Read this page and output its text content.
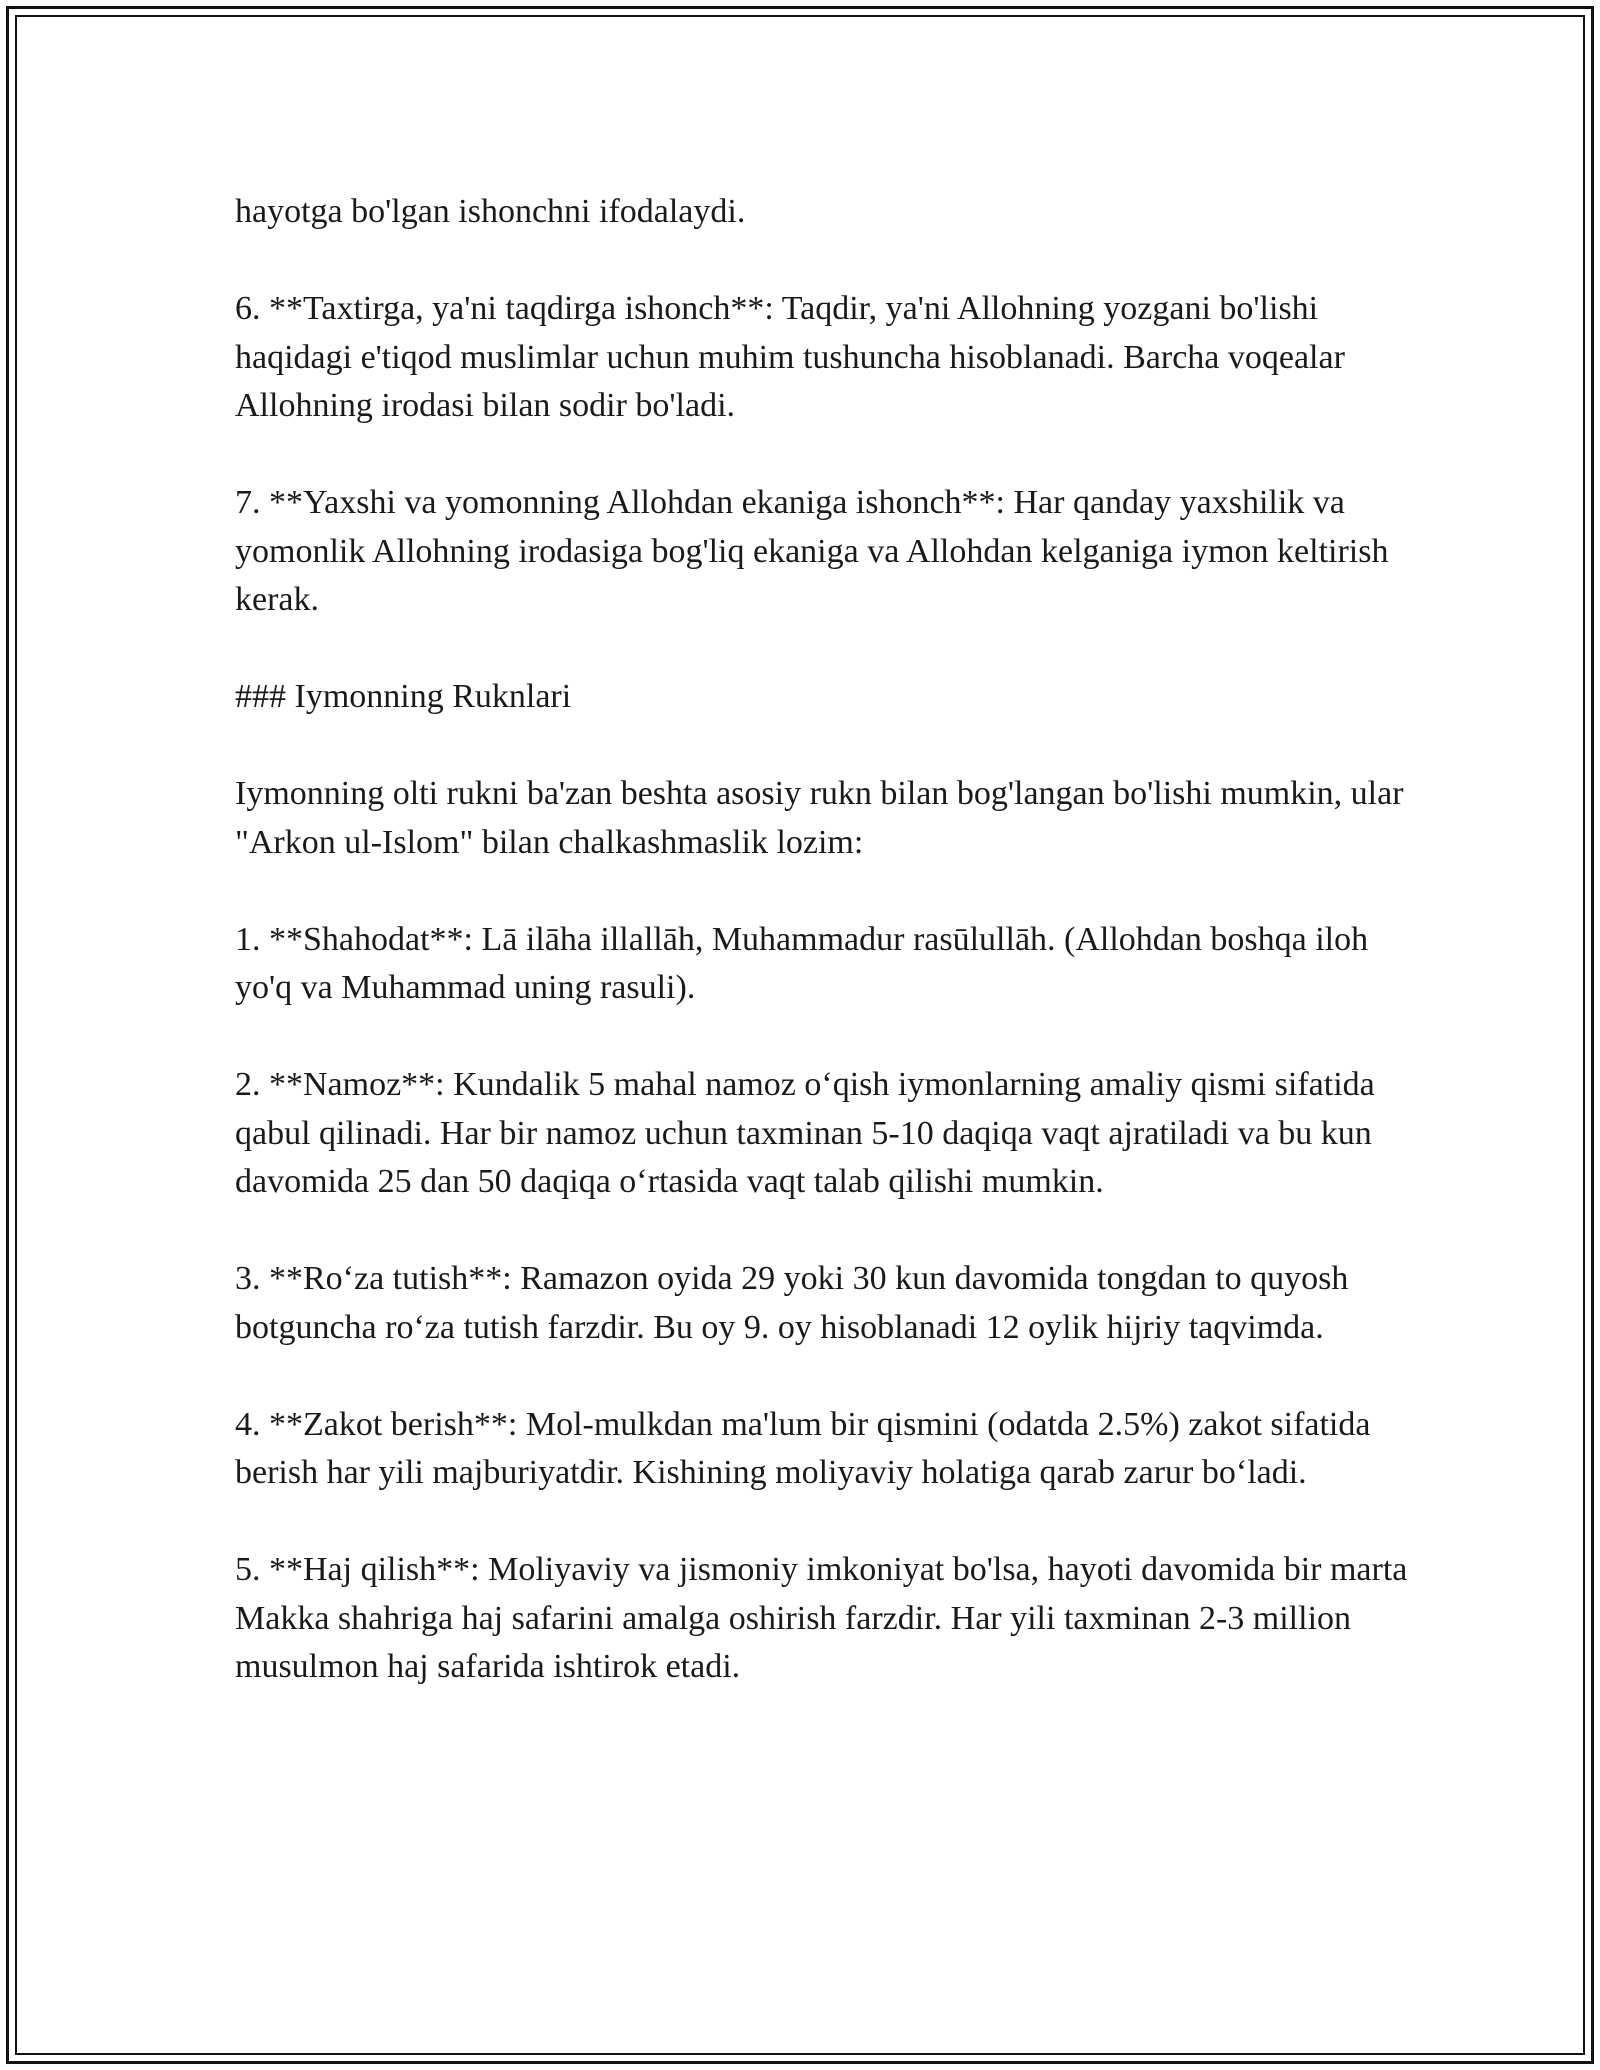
hayotga bo'lgan ishonchni ifodalaydi.

6. **Taxtirga, ya'ni taqdirga ishonch**: Taqdir, ya'ni Allohning yozgani bo'lishi haqidagi e'tiqod muslimlar uchun muhim tushuncha hisoblanadi. Barcha voqealar Allohning irodasi bilan sodir bo'ladi.

7. **Yaxshi va yomonning Allohdan ekaniga ishonch**: Har qanday yaxshilik va yomonlik Allohning irodasiga bog'liq ekaniga va Allohdan kelganiga iymon keltirish kerak.

### Iymonning Ruknlari

Iymonning olti rukni ba'zan beshta asosiy rukn bilan bog'langan bo'lishi mumkin, ular "Arkon ul-Islom" bilan chalkashmaslik lozim:

1. **Shahodat**: Lā ilāha illallāh, Muhammadur rasūlullāh. (Allohdan boshqa iloh yo'q va Muhammad uning rasuli).

2. **Namoz**: Kundalik 5 mahal namoz oʻqish iymonlarning amaliy qismi sifatida qabul qilinadi. Har bir namoz uchun taxminan 5-10 daqiqa vaqt ajratiladi va bu kun davomida 25 dan 50 daqiqa oʻrtasida vaqt talab qilishi mumkin.

3. **Roʻza tutish**: Ramazon oyida 29 yoki 30 kun davomida tongdan to quyosh botguncha roʻza tutish farzdir. Bu oy 9. oy hisoblanadi 12 oylik hijriy taqvimda.

4. **Zakot berish**: Mol-mulkdan ma'lum bir qismini (odatda 2.5%) zakot sifatida berish har yili majburiyatdir. Kishining moliyaviy holatiga qarab zarur boʻladi.

5. **Haj qilish**: Moliyaviy va jismoniy imkoniyat bo'lsa, hayoti davomida bir marta Makka shahriga haj safarini amalga oshirish farzdir. Har yili taxminan 2-3 million musulmon haj safarida ishtirok etadi.
